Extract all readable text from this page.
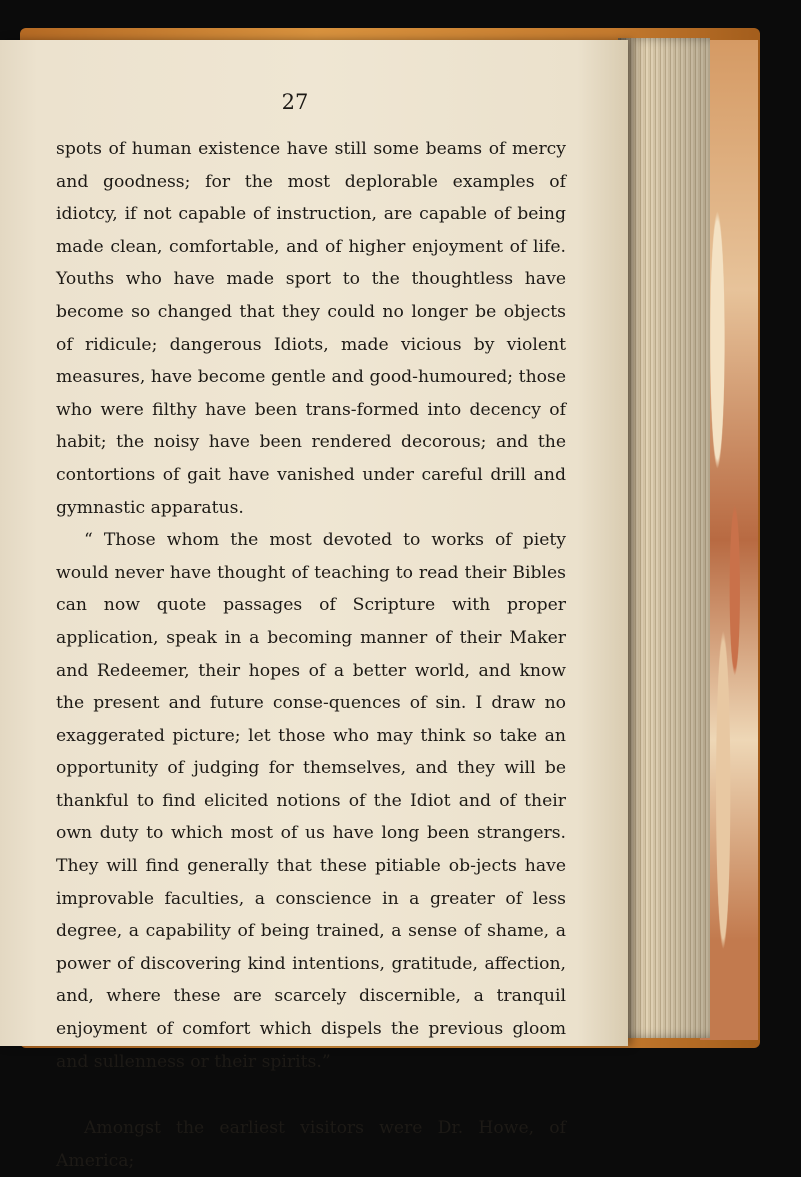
27

spots of human existence have still some beams of mercy and goodness; for the most deplorable examples of idiotcy, if not capable of instruction, are capable of being made clean, comfortable, and of higher enjoyment of life. Youths who have made sport to the thoughtless have become so changed that they could no longer be objects of ridicule; dangerous Idiots, made vicious by violent measures, have become gentle and good-humoured; those who were filthy have been trans-formed into decency of habit; the noisy have been rendered decorous; and the contortions of gait have vanished under careful drill and gymnastic apparatus.

“ Those whom the most devoted to works of piety would never have thought of teaching to read their Bibles can now quote passages of Scripture with proper application, speak in a becoming manner of their Maker and Redeemer, their hopes of a better world, and know the present and future conse-quences of sin. I draw no exaggerated picture; let those who may think so take an opportunity of judging for themselves, and they will be thankful to find elicited notions of the Idiot and of their own duty to which most of us have long been strangers. They will find generally that these pitiable ob-jects have improvable faculties, a conscience in a greater of less degree, a capability of being trained, a sense of shame, a power of discovering kind intentions, gratitude, affection, and, where these are scarcely discernible, a tranquil enjoyment of comfort which dispels the previous gloom and sullenness or their spirits.”

Amongst the earliest visitors were Dr. Howe, of America;
